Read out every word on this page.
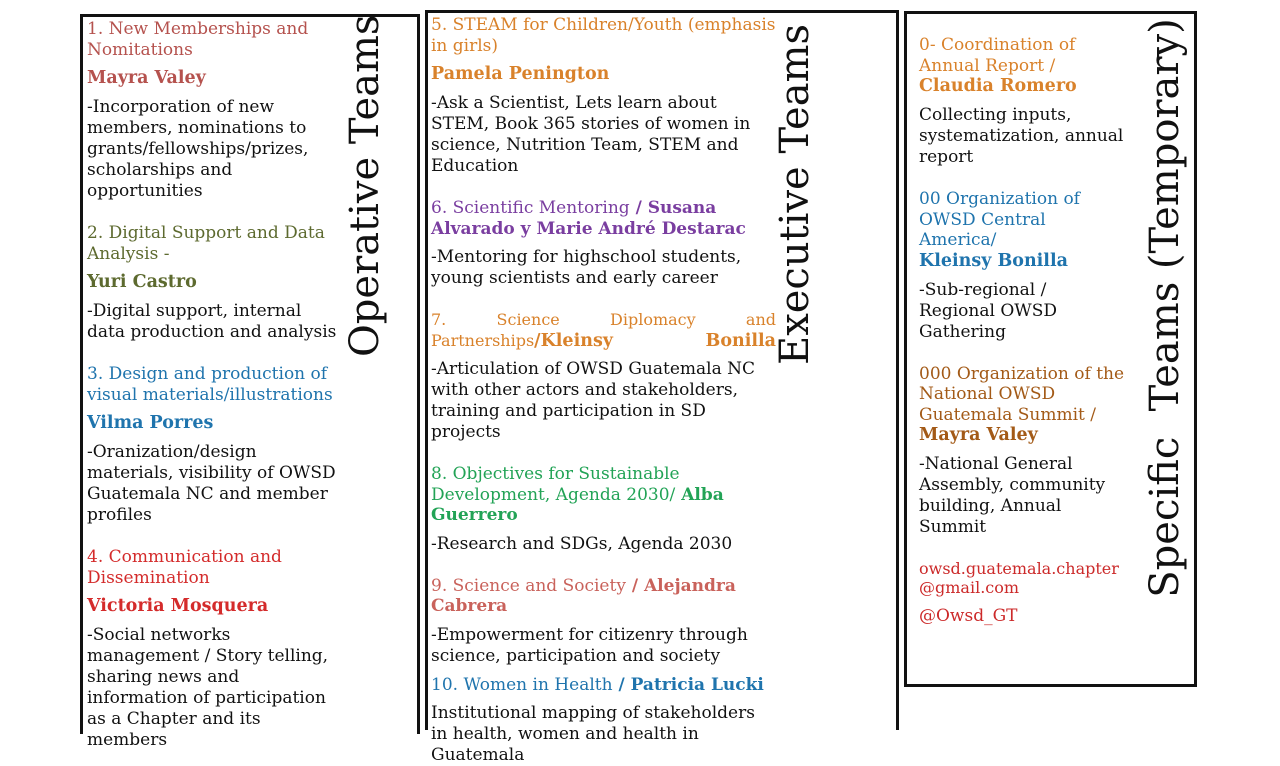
1. New Memberships and Nomitations

Mayra Valey

-Incorporation of new members, nominations to grants/fellowships/prizes, scholarships and opportunities

2. Digital Support and Data Analysis -

Yuri Castro

-Digital support, internal data production and analysis

3. Design and production of visual materials/illustrations

Vilma Porres

-Oranization/design materials, visibility of OWSD Guatemala NC and member profiles

4. Communication and Dissemination

Victoria Mosquera

-Social networks management / Story telling, sharing news and information of participation as a Chapter and its members

Operative Teams	5. STEAM for Children/Youth (emphasis in girls)

Pamela Penington

-Ask a Scientist, Lets learn about STEM, Book 365 stories of women in science, Nutrition Team, STEM and Education

6. Scientific Mentoring / Susana Alvarado y Marie André Destarac

-Mentoring for highschool students, young scientists and early career

7. Science Diplomacy and Partnerships/Kleinsy Bonilla

-Articulation of OWSD Guatemala NC with other actors and stakeholders, training and participation in SD projects

8. Objectives for Sustainable Development, Agenda 2030/ Alba Guerrero

-Research and SDGs, Agenda 2030

9. Science and Society / Alejandra Cabrera

-Empowerment for citizenry through science, participation and society

10. Women in Health / Patricia Lucki

Institutional mapping of stakeholders in health, women and health in Guatemala

Executive Teams	0- Coordination of Annual Report /

Claudia Romero

Collecting inputs, systematization, annual report

00 Organization of OWSD Central America/

Kleinsy Bonilla

-Sub-regional / Regional OWSD Gathering

000 Organization of the National OWSD Guatemala Summit /

Mayra Valey

-National General Assembly, community building, Annual Summit

owsd.guatemala.chapter @gmail.com

@Owsd_GT

Specific  Teams (Temporary)
